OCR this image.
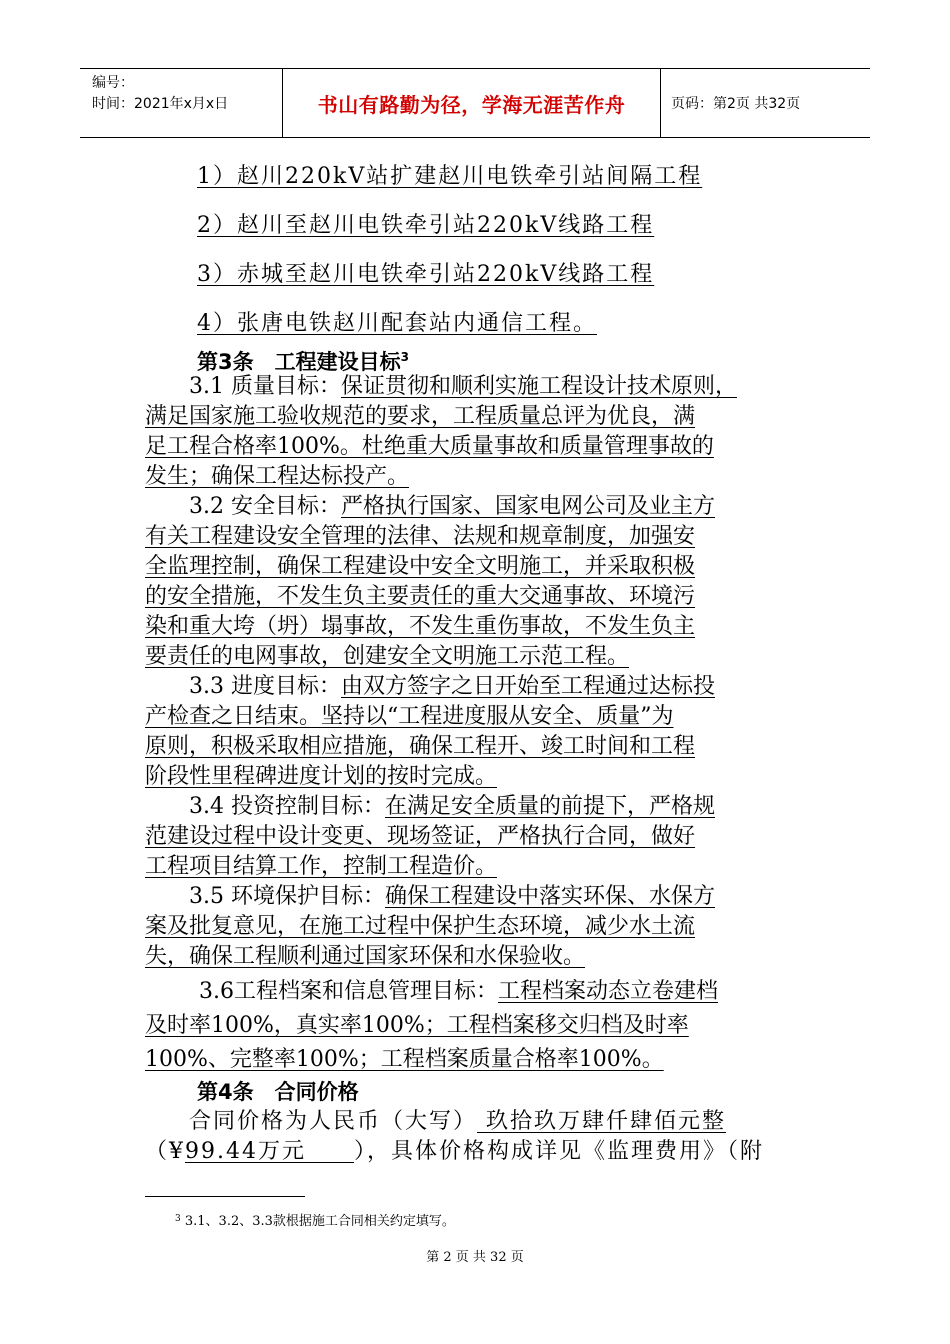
编号：
时间：2021年x月x日	书山有路勤为径，学海无涯苦作舟	页码：第2页 共32页
1）赵川220kV站扩建赵川电铁牵引站间隔工程
2）赵川至赵川电铁牵引站220kV线路工程
3）赤城至赵川电铁牵引站220kV线路工程
4）张唐电铁赵川配套站内通信工程。
第3条　工程建设目标$^3$
3.1 质量目标：保证贯彻和顺利实施工程设计技术原则，
满足国家施工验收规范的要求，工程质量总评为优良，满
足工程合格率100%。杜绝重大质量事故和质量管理事故的
发生；确保工程达标投产。
3.2 安全目标：严格执行国家、国家电网公司及业主方
有关工程建设安全管理的法律、法规和规章制度，加强安
全监理控制，确保工程建设中安全文明施工，并采取积极
的安全措施，不发生负主要责任的重大交通事故、环境污
染和重大垮（坍）塌事故，不发生重伤事故，不发生负主
要责任的电网事故，创建安全文明施工示范工程。
3.3 进度目标：由双方签字之日开始至工程通过达标投
产检查之日结束。坚持以“工程进度服从安全、质量”为
原则，积极采取相应措施，确保工程开、竣工时间和工程
阶段性里程碑进度计划的按时完成。
3.4 投资控制目标：在满足安全质量的前提下，严格规
范建设过程中设计变更、现场签证，严格执行合同，做好
工程项目结算工作，控制工程造价。
3.5 环境保护目标：确保工程建设中落实环保、水保方
案及批复意见，在施工过程中保护生态环境，减少水土流
失，确保工程顺利通过国家环保和水保验收。
3.6工程档案和信息管理目标：工程档案动态立卷建档
及时率100%，真实率100%；工程档案移交归档及时率
100%、完整率100%；工程档案质量合格率100%。
第4条　合同价格
合同价格为人民币（大写） 玖拾玖万肆仟肆佰元整
（¥99.44万元　　），具体价格构成详见《监理费用》（附
$^3$ 3.1、3.2、3.3款根据施工合同相关约定填写。
第 2 页 共 32 页
